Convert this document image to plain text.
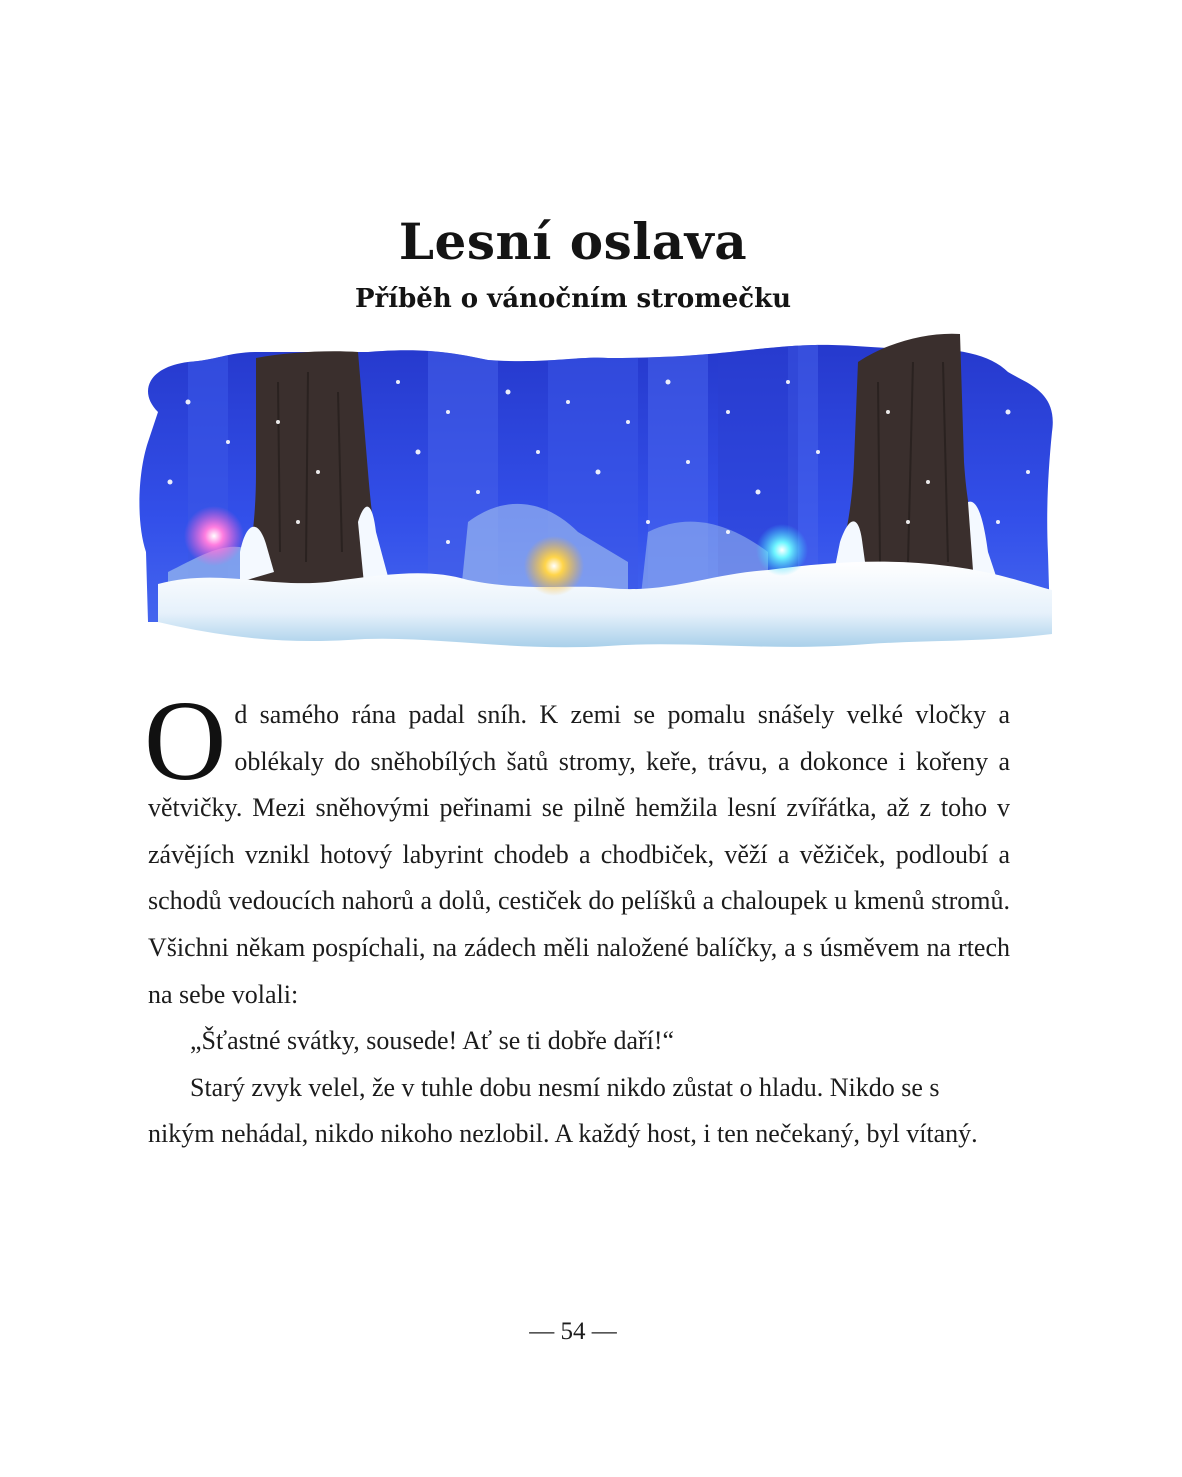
Lesní oslava
Příběh o vánočním stromečku

Od samého rána padal sníh. K zemi se pomalu snášely velké vločky a oblékaly do sněhobílých šatů stromy, keře, trávu, a dokonce i kořeny a větvičky. Mezi sněhovými peřinami se pilně hemžila lesní zvířátka, až z toho v závějích vznikl hotový labyrint chodeb a chodbiček, věží a věžiček, podloubí a schodů vedoucích nahorů a dolů, cestiček do pelíšků a chaloupek u kmenů stromů. Všichni někam pospíchali, na zádech měli naložené balíčky, a s úsměvem na rtech na sebe volali:

„Šťastné svátky, sousede! Ať se ti dobře daří!“

Starý zvyk velel, že v tuhle dobu nesmí nikdo zůstat o hladu. Nikdo se s nikým nehádal, nikdo nikoho nezlobil. A každý host, i ten nečekaný, byl vítaný.

— 54 —
